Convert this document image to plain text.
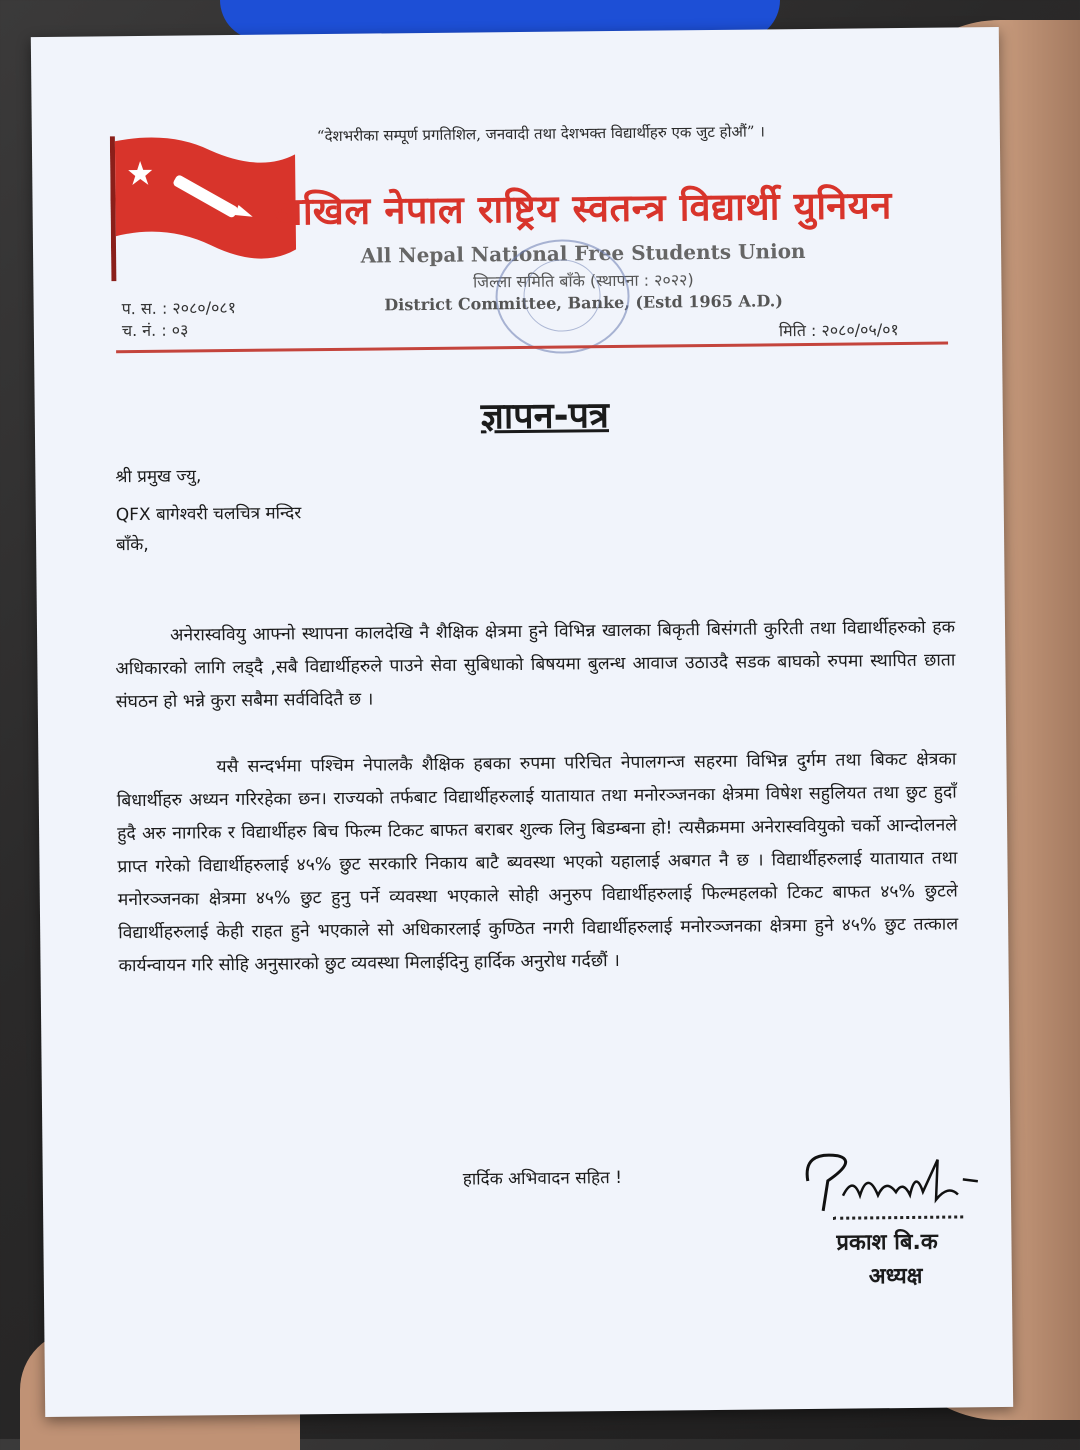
“देशभरीका सम्पूर्ण प्रगतिशिल, जनवादी तथा देशभक्त विद्यार्थीहरु एक जुट होऔं” ।
अखिल नेपाल राष्ट्रिय स्वतन्त्र विद्यार्थी युनियन
All Nepal National Free Students Union
जिल्ला समिति बाँके (स्थापना : २०२२)
District Committee, Banke, (Estd 1965 A.D.)
प. स. : २०८०/०८१
च. नं. : ०३	मिति : २०८०/०५/०१
ज्ञापन-पत्र
श्री प्रमुख ज्यु,
QFX बागेश्वरी चलचित्र मन्दिर
बाँके,
अनेरास्ववियु आफ्नो स्थापना कालदेखि नै शैक्षिक क्षेत्रमा हुने विभिन्न खालका बिकृती बिसंगती कुरिती तथा विद्यार्थीहरुको हक अधिकारको लागि लड्दै ,सबै विद्यार्थीहरुले पाउने सेवा सुबिधाको बिषयमा बुलन्ध आवाज उठाउदै सडक बाघको रुपमा स्थापित छाता संघठन हो भन्ने कुरा सबैमा सर्वविदितै छ ।
यसै सन्दर्भमा पश्चिम नेपालकै शैक्षिक हबका रुपमा परिचित नेपालगन्ज सहरमा विभिन्न दुर्गम तथा बिकट क्षेत्रका बिधार्थीहरु अध्यन गरिरहेका छन। राज्यको तर्फबाट विद्यार्थीहरुलाई यातायात तथा मनोरञ्जनका क्षेत्रमा विषेश सहुलियत तथा छुट हुदाँ हुदै अरु नागरिक र विद्यार्थीहरु बिच फिल्म टिकट बाफत बराबर शुल्क लिनु बिडम्बना हो! त्यसैक्रममा अनेरास्ववियुको चर्को आन्दोलनले प्राप्त गरेको विद्यार्थीहरुलाई ४५% छुट सरकारि निकाय बाटै ब्यवस्था भएको यहालाई अबगत नै छ । विद्यार्थीहरुलाई यातायात तथा मनोरञ्जनका क्षेत्रमा ४५% छुट हुनु पर्ने व्यवस्था भएकाले सोही अनुरुप विद्यार्थीहरुलाई फिल्महलको टिकट बाफत ४५% छुटले विद्यार्थीहरुलाई केही राहत हुने भएकाले सो अधिकारलाई कुण्ठित नगरी विद्यार्थीहरुलाई मनोरञ्जनका क्षेत्रमा हुने ४५% छुट तत्काल कार्यन्वायन गरि सोहि अनुसारको छुट व्यवस्था मिलाईदिनु हार्दिक अनुरोध गर्दछौं ।
हार्दिक अभिवादन सहित !
प्रकाश बि.क
अध्यक्ष
